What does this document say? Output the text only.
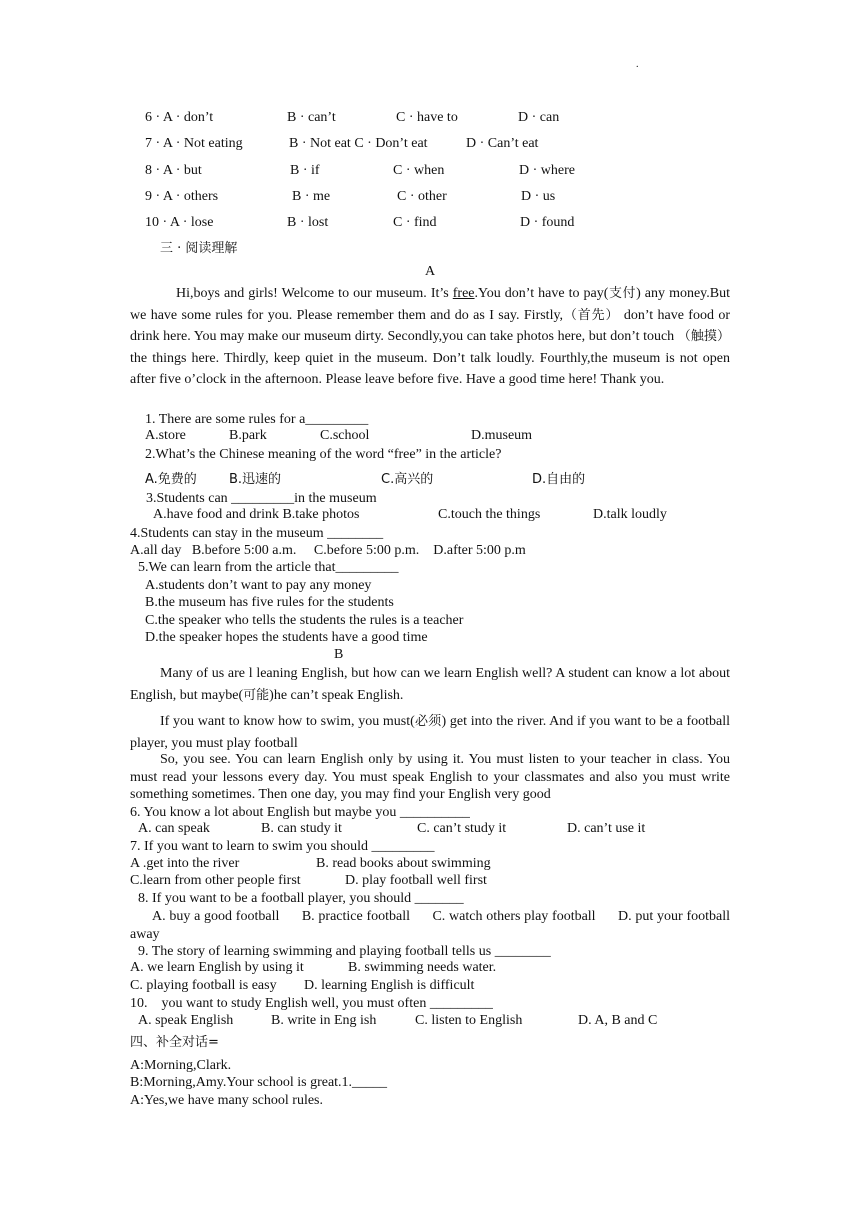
.
6 · A · don’t	B · can’t	C · have to	D · can
7 · A · Not eating	B · Not eat C · Don’t eat	D · Can’t eat
8 · A · but	B · if	C · when	D · where
9 · A · others	B · me	C · other	D · us
10 · A · lose	B · lost	C · find	D · found
三 · 阅读理解
A
Hi,boys and girls! Welcome to our museum. It’s free.You don’t have to pay(支付) any money.But we have some rules for you. Please remember them and do as I say. Firstly,（首先） don’t have food or drink here. You may make our museum dirty. Secondly,you can take photos here, but don’t touch （触摸） the things here. Thirdly, keep quiet in the museum. Don’t talk loudly. Fourthly,the museum is not open after five o’clock in the afternoon. Please leave before five. Have a good time here! Thank you.
1. There are some rules for a_________
A.store	B.park	C.school	D.museum
2.What’s the Chinese meaning of the word “free” in the article?
A.免费的 B.迅速的	C.高兴的	D.自由的
3.Students can _________in the museum
A.have food and drink B.take photos	C.touch the things	D.talk loudly
4.Students can stay in the museum ________
A.all day   B.before 5:00 a.m.     C.before 5:00 p.m.    D.after 5:00 p.m
5.We can learn from the article that_________
A.students don’t want to pay any money
B.the museum has five rules for the students
C.the speaker who tells the students the rules is a teacher
D.the speaker hopes the students have a good time
B
Many of us are l leaning English, but how can we learn English well? A student can know a lot about English, but maybe(可能)he can’t speak English.
If you want to know how to swim, you must(必须) get into the river. And if you want to be a football player, you must play football
So, you see. You can learn English only by using it. You must listen to your teacher in class. You must read your lessons every day. You must speak English to your classmates and also you must write something sometimes. Then one day, you may find your English very good
6. You know a lot about English but maybe you __________
A. can speak	B. can study it	C. can’t study it	D. can’t use it
7. If you want to learn to swim you should _________
A .get into the river	B. read books about swimming
C.learn from other people first	D. play football well first
8. If you want to be a football player, you should _______
A. buy a good football      B. practice football      C. watch others play football      D. put your football away
9. The story of learning swimming and playing football tells us ________
A. we learn English by using it	B. swimming needs water.
C. playing football is easy D. learning English is difficult
10.    you want to study English well, you must often _________
A. speak English	B. write in Eng ish	C. listen to English	D. A, B and C
四、补全对话=
A:Morning,Clark.
B:Morning,Amy.Your school is great.1._____
A:Yes,we have many school rules.
